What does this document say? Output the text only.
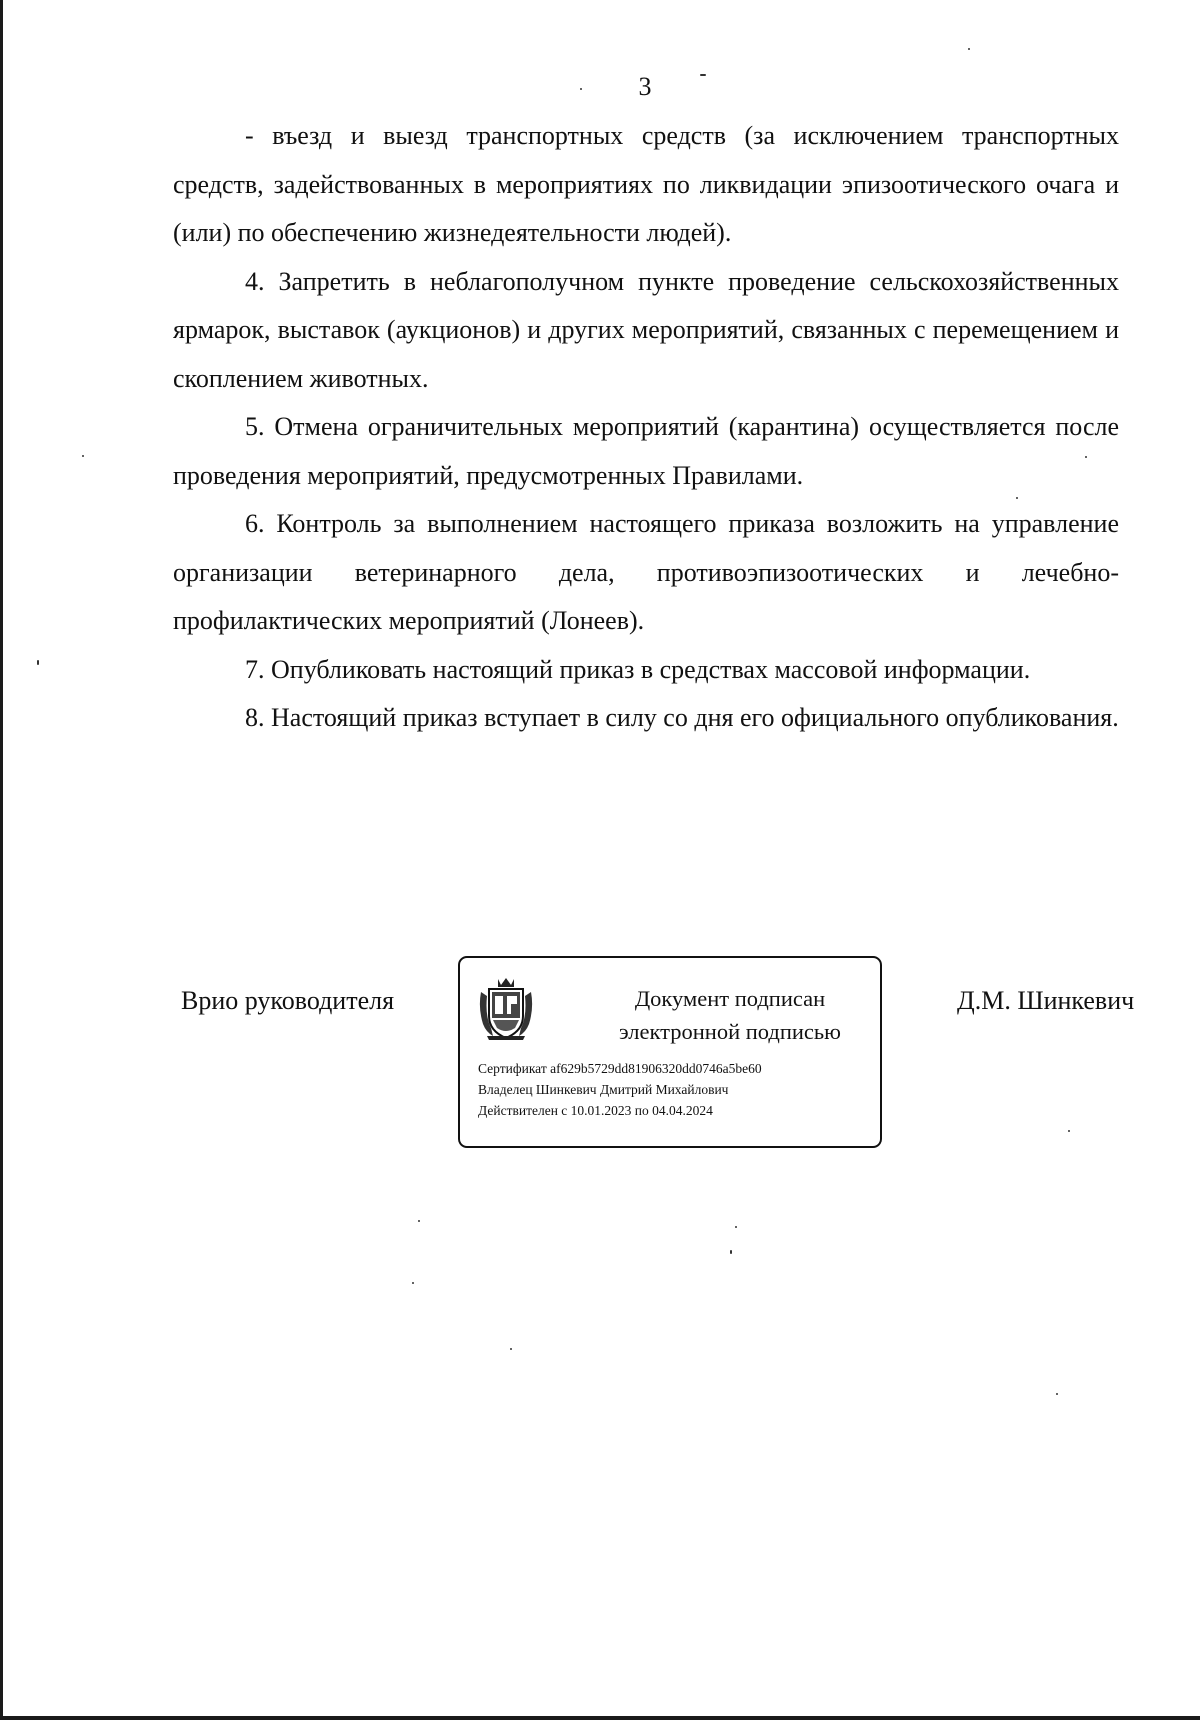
3

- въезд и выезд транспортных средств (за исключением транспортных средств, задействованных в мероприятиях по ликвидации эпизоотического очага и (или) по обеспечению жизнедеятельности людей).

4. Запретить в неблагополучном пункте проведение сельскохозяйственных ярмарок, выставок (аукционов) и других мероприятий, связанных с перемещением и скоплением животных.

5. Отмена ограничительных мероприятий (карантина) осуществляется после проведения мероприятий, предусмотренных Правилами.

6. Контроль за выполнением настоящего приказа возложить на управление организации ветеринарного дела, противоэпизоотических и лечебно-профилактических мероприятий (Лонеев).

7. Опубликовать настоящий приказ в средствах массовой информации.

8. Настоящий приказ вступает в силу со дня его официального опубликования.

Врио руководителя	Документ подписан
электронной подписью
Сертификат af629b5729dd81906320dd0746a5be60
Владелец Шинкевич Дмитрий Михайлович
Действителен с 10.01.2023 по 04.04.2024
Д.М. Шинкевич
